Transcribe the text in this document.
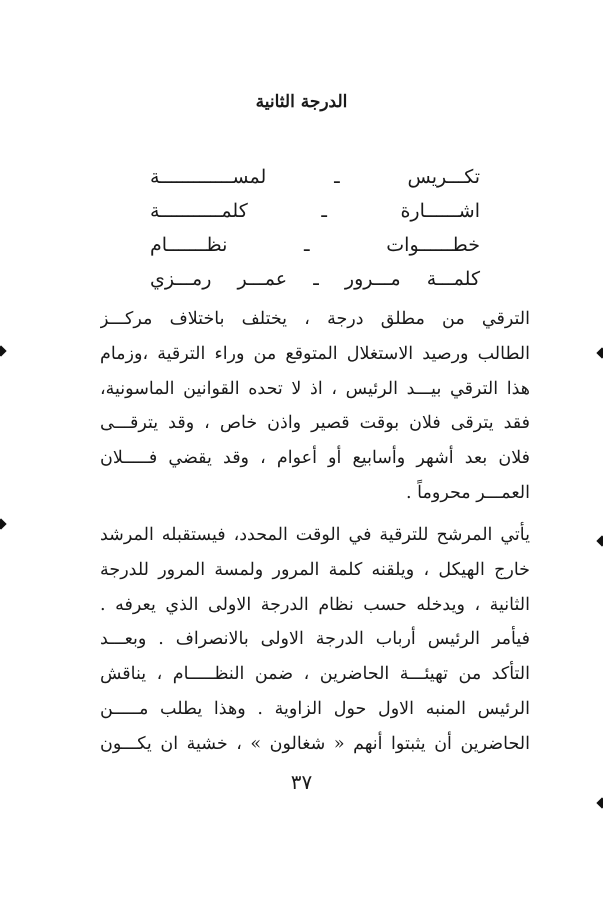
الدرجة الثانية
تكـــريس ـ لمســـــــــــــة
اشــــــارة ـ كلمـــــــــــة
خطــــــوات ـ نظـــــــام
كلمـــة مـــرور ـ عمـــر رمـــزي
الترقي من مطلق درجة ، يختلف باختلاف مركـــز
الطالب ورصيد الاستغلال المتوقع من وراء الترقية ،وزمام
هذا الترقي بيـــد الرئيس ، اذ لا تحده القوانين الماسونية،
فقد يترقى فلان بوقت قصير واذن خاص ، وقد يترقـــى
فلان بعد أشهر وأسابيع أو أعوام ، وقد يقضي فـــــلان
العمـــر محروماً .
يأتي المرشح للترقية في الوقت المحدد، فيستقبله المرشد
خارج الهيكل ، ويلقنه كلمة المرور ولمسة المرور للدرجة
الثانية ، ويدخله حسب نظام الدرجة الاولى الذي يعرفه .
فيأمر الرئيس أرباب الدرجة الاولى بالانصراف . وبعـــد
التأكد من تهيئـــة الحاضرين ، ضمن النظـــــام ، يناقش
الرئيس المنبه الاول حول الزاوية . وهذا يطلب مـــــن
الحاضرين أن يثبتوا أنهم « شغالون » ، خشية ان يكـــون
٣٧
